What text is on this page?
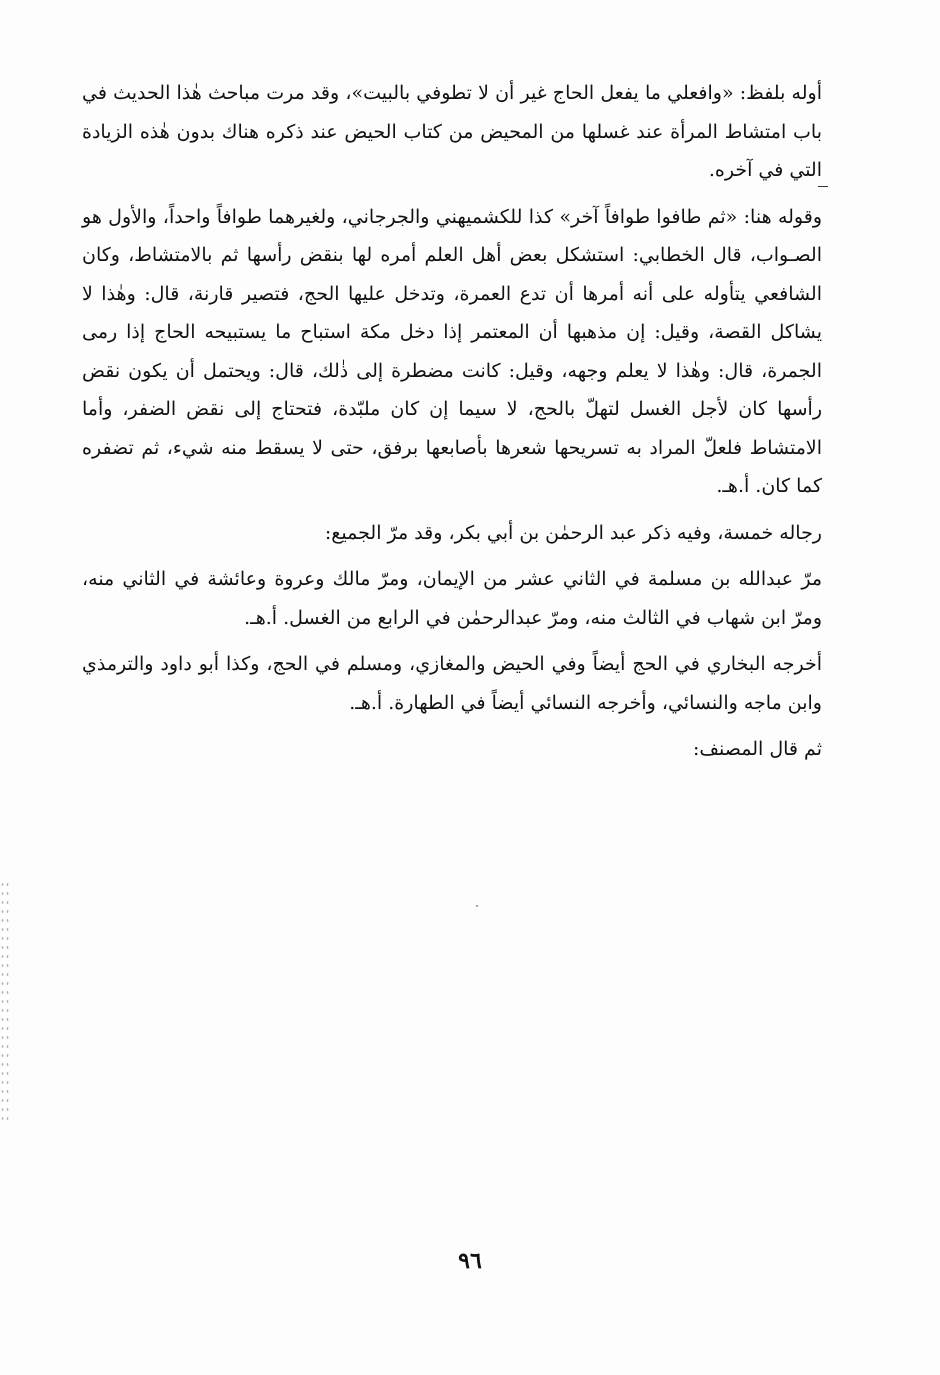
أوله بلفظ: «وافعلي ما يفعل الحاج غير أن لا تطوفي بالبيت»، وقد مرت مباحث هٰذا الحديث في باب امتشاط المرأة عند غسلها من المحيض من كتاب الحيض عند ذكره هناك بدون هٰذه الزيادة التي في آخره.

وقوله هنا: «ثم طافوا طوافاً آخر» كذا للكشميهني والجرجاني، ولغيرهما طوافاً واحداً، والأول هو الصـواب، قال الخطابي: استشكل بعض أهل العلم أمره لها بنقض رأسها ثم بالامتشاط، وكان الشافعي يتأوله على أنه أمرها أن تدع العمرة، وتدخل عليها الحج، فتصير قارنة، قال: وهٰذا لا يشاكل القصة، وقيل: إن مذهبها أن المعتمر إذا دخل مكة استباح ما يستبيحه الحاج إذا رمى الجمرة، قال: وهٰذا لا يعلم وجهه، وقيل: كانت مضطرة إلى ذٰلك، قال: ويحتمل أن يكون نقض رأسها كان لأجل الغسل لتهلّ بالحج، لا سيما إن كان ملبّدة، فتحتاج إلى نقض الضفر، وأما الامتشاط فلعلّ المراد به تسريحها شعرها بأصابعها برفق، حتى لا يسقط منه شيء، ثم تضفره كما كان. أ.هـ.

رجاله خمسة، وفيه ذكر عبد الرحمٰن بن أبي بكر، وقد مرّ الجميع:

مرّ عبدالله بن مسلمة في الثاني عشر من الإيمان، ومرّ مالك وعروة وعائشة في الثاني منه، ومرّ ابن شهاب في الثالث منه، ومرّ عبدالرحمٰن في الرابع من الغسل. أ.هـ.

أخرجه البخاري في الحج أيضاً وفي الحيض والمغازي، ومسلم في الحج، وكذا أبو داود والترمذي وابن ماجه والنسائي، وأخرجه النسائي أيضاً في الطهارة. أ.هـ.

ثم قال المصنف:

٩٦
